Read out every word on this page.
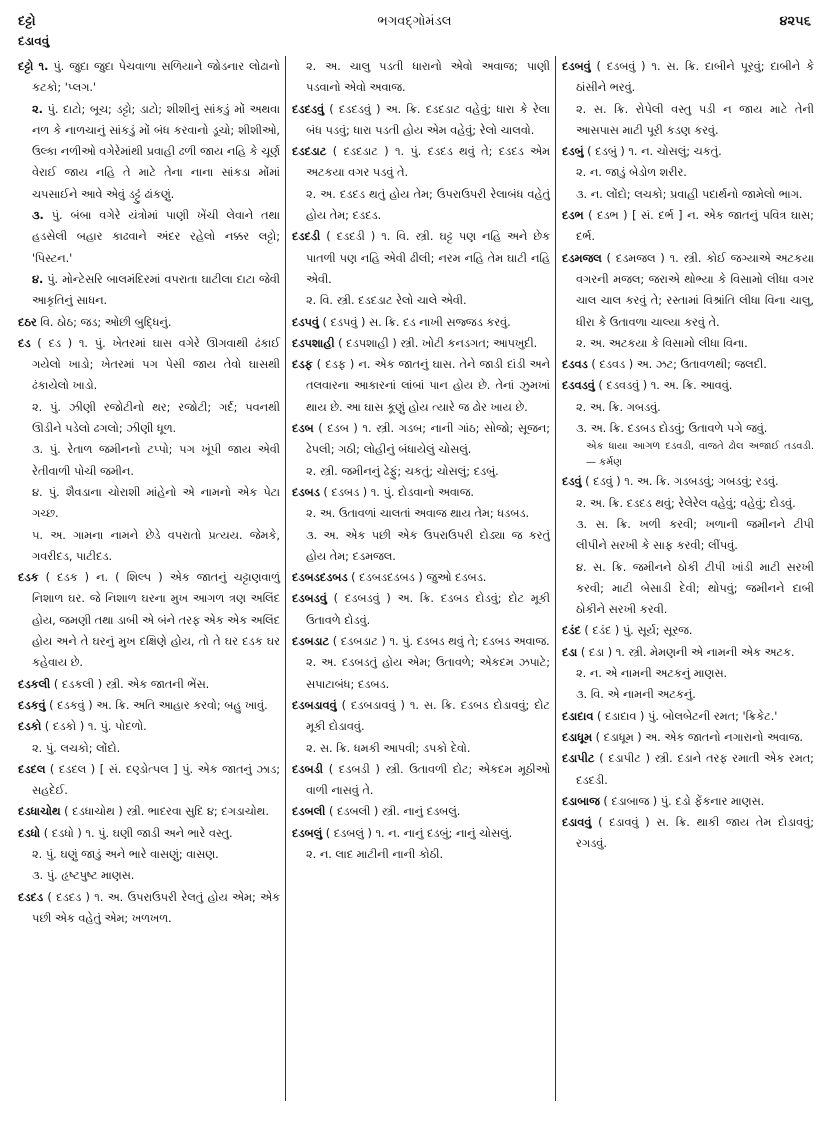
દટ્ટો	ભગવદ્ગોમંડલ	૪૨૫૬
દડાવવું

દટ્ટો ૧. પું. જુદા જુદા પેચવાળા સળિયાને જોડનાર લોઢાનો કટકો; 'પ્લગ.'

૨. પું. દાટો; બૂચ; ડટ્ટો; ડાટો; શીશીનું સાંકડું મોં અથવા નળ કે નાળચાનું સાંકડું મોં બંધ કરવાનો ડૂચો; શીશીઓ, ઉલ્કા નળીઓ વગેરેમાંથી પ્રવાહી ઢળી જાય નહિ કે ચૂર્ણ વેરાઈ જાય નહિ તે માટે તેના નાના સાંકડા મોંમાં ચપસાઈને આવે એવું ડટ્ટું ઢાંકણું.

૩. પું. બંબા વગેરે યંત્રોમાં પાણી ખેંચી લેવાને તથા હડસેલી બહાર કાઢવાને અંદર રહેલો નક્કર લટ્ટો; 'પિસ્ટન.'

૪. પું. મોન્ટેસરિ બાલમંદિરમાં વપરાતા ઘાટીલા દાટા જેવી આકૃતિનું સાધન.

દઠર વિ. ઠોઠ; જડ; ઓછી બુદ્ધિનું.

દડ ( દડ ) ૧. પું. ખેતરમાં ઘાસ વગેરે ઊગવાથી ઢંકાઈ ગયેલો ખાડો; ખેતરમાં પગ પેસી જાય તેવો ઘાસથી ઢંકાયેલો ખાડો.

૨. પું. ઝીણી રજોટીનો થર; રજોટી; ગર્દ; પવનથી ઊડીને પડેલો ઢગલો; ઝીણી ધૂળ.

૩. પું. રેતાળ જમીનનો ટપ્પો; પગ ખૂંપી જાય એવી રેતીવાળી પોચી જમીન.

૪. પું. શૈવડાના ચોરાશી માંહેનો એ નામનો એક પેટા ગચ્છ.

૫. અ. ગામના નામને છેડે વપરાતો પ્રત્યય. જેમકે, ગવરીદડ, પાટીદડ.

દડક ( દડક ) ન. ( શિલ્પ ) એક જાતનું ચટ્ટાણવાળું નિશાળ ઘર. જે નિશાળ ઘરના મુખ આગળ ત્રણ અલિંદ હોય, જમણી તથા ડાબી એ બંને તરફ એક એક અલિંદ હોય અને તે ઘરનું મુખ દક્ષિણે હોય, તો તે ઘર દડક ઘર કહેવાય છે.

દડકલી ( દડકલી ) સ્ત્રી. એક જાતની ભેંસ.

દડકવું ( દડકવું ) અ. ક્રિ. અતિ આહાર કરવો; બહુ ખાવું.

દડકો ( દડકો ) ૧. પું. પોદળો.

૨. પું. લચકો; લોંદો.

દડદલ ( દડદલ ) [ સં. દણ્ડોત્પલ ] પું. એક જાતનું ઝાડ; સહદેઈ.

દડધાચોથ ( દડધાચોથ ) સ્ત્રી. ભાદરવા સુદિ ૪; દગડાચોથ.

દડધો ( દડધો ) ૧. પું. ઘણી જાડી અને ભારે વસ્તુ.

૨. પું. ઘણું જાડું અને ભારે વાસણું; વાસણ.

૩. પું. હૃષ્ટપુષ્ટ માણસ.

દડદડ ( દડદડ ) ૧. અ. ઉપરાઉપરી રેલતું હોય એમ; એક પછી એક વહેતું એમ; ખળખળ.

૨. અ. ચાલુ પડતી ધારાનો એવો અવાજ; પાણી પડવાનો એવો અવાજ.

દડદડવું ( દડદડવું ) અ. ક્રિ. દડદડાટ વહેવું; ધારા કે રેલા બંધ પડવું; ધારા પડતી હોય એમ વહેવું; રેલો ચાલવો.

દડદડાટ ( દડદડાટ ) ૧. પું. દડદડ થવું તે; દડદડ એમ અટકયા વગર પડવું તે.

૨. અ. દડદડ થતું હોય તેમ; ઉપરાઉપરી રેલાબંધ વહેતું હોય તેમ; દડદડ.

દડદડી ( દડદડી ) ૧. વિ. સ્ત્રી. ઘટ્ટ પણ નહિ અને છેક પાતળી પણ નહિ એવી ઢીલી; નરમ નહિ તેમ ઘાટી નહિ એવી.

૨. વિ. સ્ત્રી. દડદડાટ રેલો ચાલે એવી.

દડપવું ( દડપવું ) સ. ક્રિ. દડ નાખી સજ્જડ કરવું.

દડપશાહી ( દડપશાહી ) સ્ત્રી. ખોટી કનડગત; આપખુદી.

દડફ ( દડફ ) ન. એક જાતનું ઘાસ. તેને જાડી દાંડી અને તલવારના આકારનાં લાંબાં પાન હોય છે. તેનાં ઝુમખાં થાય છે. આ ઘાસ કૂણું હોય ત્યારે જ ઢોર ખાય છે.

દડબ ( દડબ ) ૧. સ્ત્રી. ગડબ; નાની ગાંઠ; સોજો; સૂજન; ઢેપલી; ગઠી; લોહીનું બંધાયેલું ચોસલું.

૨. સ્ત્રી. જમીનનું ઢેફું; ચકતું; ચોસલું; દડબું.

દડબડ ( દડબડ ) ૧. પું. દોડવાનો અવાજ.

૨. અ. ઉતાવળાં ચાલતાં અવાજ થાય તેમ; ધડબડ.

૩. અ. એક પછી એક ઉપરાઉપરી દોડ્યા જ કરતું હોય તેમ; દડમજલ.

દડબડદડબડ ( દડબડદડબડ ) જુઓ દડબડ.

દડબડવું ( દડબડવું ) અ. ક્રિ. દડબડ દોડવું; દોટ મૂકી ઉતાવળે દોડવું.

દડબડાટ ( દડબડાટ ) ૧. પું. દડબડ થવું તે; દડબડ અવાજ.

૨. અ. દડબડતું હોય એમ; ઉતાવળે; એકદમ ઝપાટે; સપાટાબંધ; દડબડ.

દડબડાવવું ( દડબડાવવું ) ૧. સ. ક્રિ. દડબડ દોડાવવું; દોટ મૂકી દોડાવવું.

૨. સ. ક્રિ. ધમકી આપવી; ડપકો દેવો.

દડબડી ( દડબડી ) સ્ત્રી. ઉતાવળી દોટ; એકદમ મૂઠીઓ વાળી નાસવું તે.

દડબલી ( દડબલી ) સ્ત્રી. નાનું દડબલું.

દડબલું ( દડબલું ) ૧. ન. નાનું દડબું; નાનું ચોસલું.

૨. ન. લાદ માટીની નાની કોઠી.

દડબવું ( દડબવું ) ૧. સ. ક્રિ. દાબીને પૂરવું; દાબીને કે ઠાંસીને ભરવું.

૨. સ. ક્રિ. રોપેલી વસ્તુ પડી ન જાય માટે તેની આસપાસ માટી પૂરી કડણ કરવું.

દડબું ( દડબું ) ૧. ન. ચોસલું; ચકતું.

૨. ન. જાડું બેડોળ શરીર.

૩. ન. લોંદો; લચકો; પ્રવાહી પદાર્થનો જામેલો ભાગ.

દડભ ( દડભ ) [ સં. દર્ભ ] ન. એક જાતનું પવિત્ર ઘાસ; દર્ભ.

દડમજલ ( દડમજલ ) ૧. સ્ત્રી. કોઈ જગ્યાએ અટકયા વગરની મજલ; જરાએ થોભ્યા કે વિસામો લીધા વગર ચાલ ચાલ કરવું તે; રસ્તામાં વિશ્રાંતિ લીધા વિના ચાલુ, ધીરા કે ઉતાવળા ચાલ્યા કરવું તે.

૨. અ. અટકયા કે વિસામો લીધા વિના.

દડવડ ( દડવડ ) અ. ઝટ; ઉતાવળથી; જલદી.

દડવડવું ( દડવડવું ) ૧. અ. ક્રિ. આવવું.

૨. અ. ક્રિ. ગબડવું.

૩. અ. ક્રિ. દડબડ દોડવું; ઉતાવળે પગે જવું.

એક ધાયા આગળ દડવડી, વાજતે ઢોલ અજાઈ તડવડી. — કર્મણ

દડવું ( દડવું ) ૧. અ. ક્રિ. ગડબડવું; ગબડવું; રડવું.

૨. અ. ક્રિ. દડદડ થવું; રેલેરેલ વહેવું; વહેવું; દોડવું.

૩. સ. ક્રિ. ખળી કરવી; ખળાની જમીનને ટીપી લીપીને સરખી કે સાફ કરવી; લીંપવું.

૪. સ. ક્રિ. જમીનને ઠોકી ટીપી ખાંડી માટી સરખી કરવી; માટી બેસાડી દેવી; થોપવું; જમીનને દાબી ઠોકીને સરખી કરવી.

દડંદ ( દડંદ ) પું. સૂર્ય; સૂરજ.

દડા ( દડા ) ૧. સ્ત્રી. મેમણની એ નામની એક અટક.

૨. ન. એ નામની અટકનું માણસ.

૩. વિ. એ નામની અટકનું.

દડાદાવ ( દડાદાવ ) પું. બોલબેટની રમત; 'ક્રિકેટ.'

દડાધૂમ ( દડાધૂમ ) અ. એક જાતનો નગારાનો અવાજ.

દડાપીટ ( દડાપીટ ) સ્ત્રી. દડાને તરફ રમાતી એક રમત; દડદડી.

દડાબાજ ( દડાબાજ ) પું. દડો ફેંકનાર માણસ.

દડાવવું ( દડાવવું ) સ. ક્રિ. થાકી જાય તેમ દોડાવવું; રગડવું.
